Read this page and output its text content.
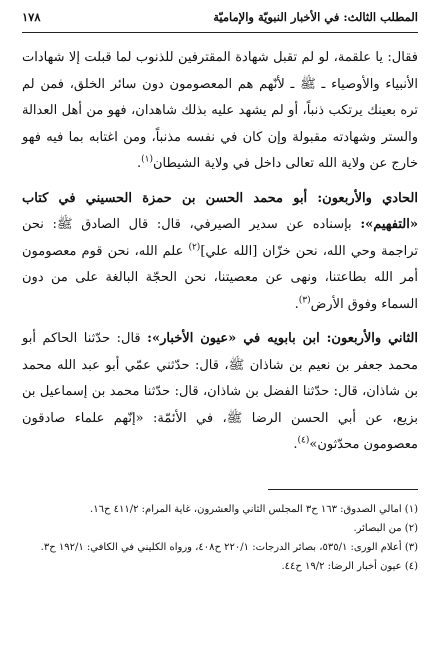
المطلب الثالث: في الأخبار النبويّة والإماميّة
١٧٨

فقال: يا علقمة، لو لم تقبل شهادة المقترفين للذنوب لما قبلت إلا شهادات الأنبياء والأوصياء ـ ﷺ ـ لأنّهم هم المعصومون دون سائر الخلق، فمن لم تره بعينك يرتكب ذنباً، أو لم يشهد عليه بذلك شاهدان، فهو من أهل العدالة والستر وشهادته مقبولة وإن كان في نفسه مذنباً، ومن اغتابه بما فيه فهو خارج عن ولاية الله تعالى داخل في ولاية الشيطان$^{(١)}$.

الحادي والأربعون: أبو محمد الحسن بن حمزة الحسيني في كتاب «التفهيم»: بإسناده عن سدير الصيرفي، قال: قال الصادق ﷺ: نحن تراجمة وحي الله، نحن خزّان [الله علي]$^{(٢)}$ علم الله، نحن قوم معصومون أمر الله بطاعتنا، ونهى عن معصيتنا، نحن الحجّة البالغة على من دون السماء وفوق الأرض$^{(٣)}$.

الثاني والأربعون: ابن بابويه في «عيون الأخبار»: قال: حدّثنا الحاكم أبو محمد جعفر بن نعيم بن شاذان ﷺ، قال: حدّثني عمّي أبو عبد الله محمد بن شاذان، قال: حدّثنا الفضل بن شاذان، قال: حدّثنا محمد بن إسماعيل بن بزيع، عن أبي الحسن الرضا ﷺ، في الأئمّة: «إنّهم علماء صادقون معصومون محدّثون»$^{(٤)}$.

(١) امالي الصدوق: ١٦٣ ح٣ المجلس الثاني والعشرون، غاية المرام: ٤١١/٢ ح١٦.
(٢) من البصائر.
(٣) أعلام الورى: ٥٣٥/١، بصائر الدرجات: ٢٢٠/١ ح٤٠٨، ورواه الكليني في الكافي: ١٩٢/١ ح٣.
(٤) عيون أخبار الرضا: ١٩/٢ ح٤٤.
